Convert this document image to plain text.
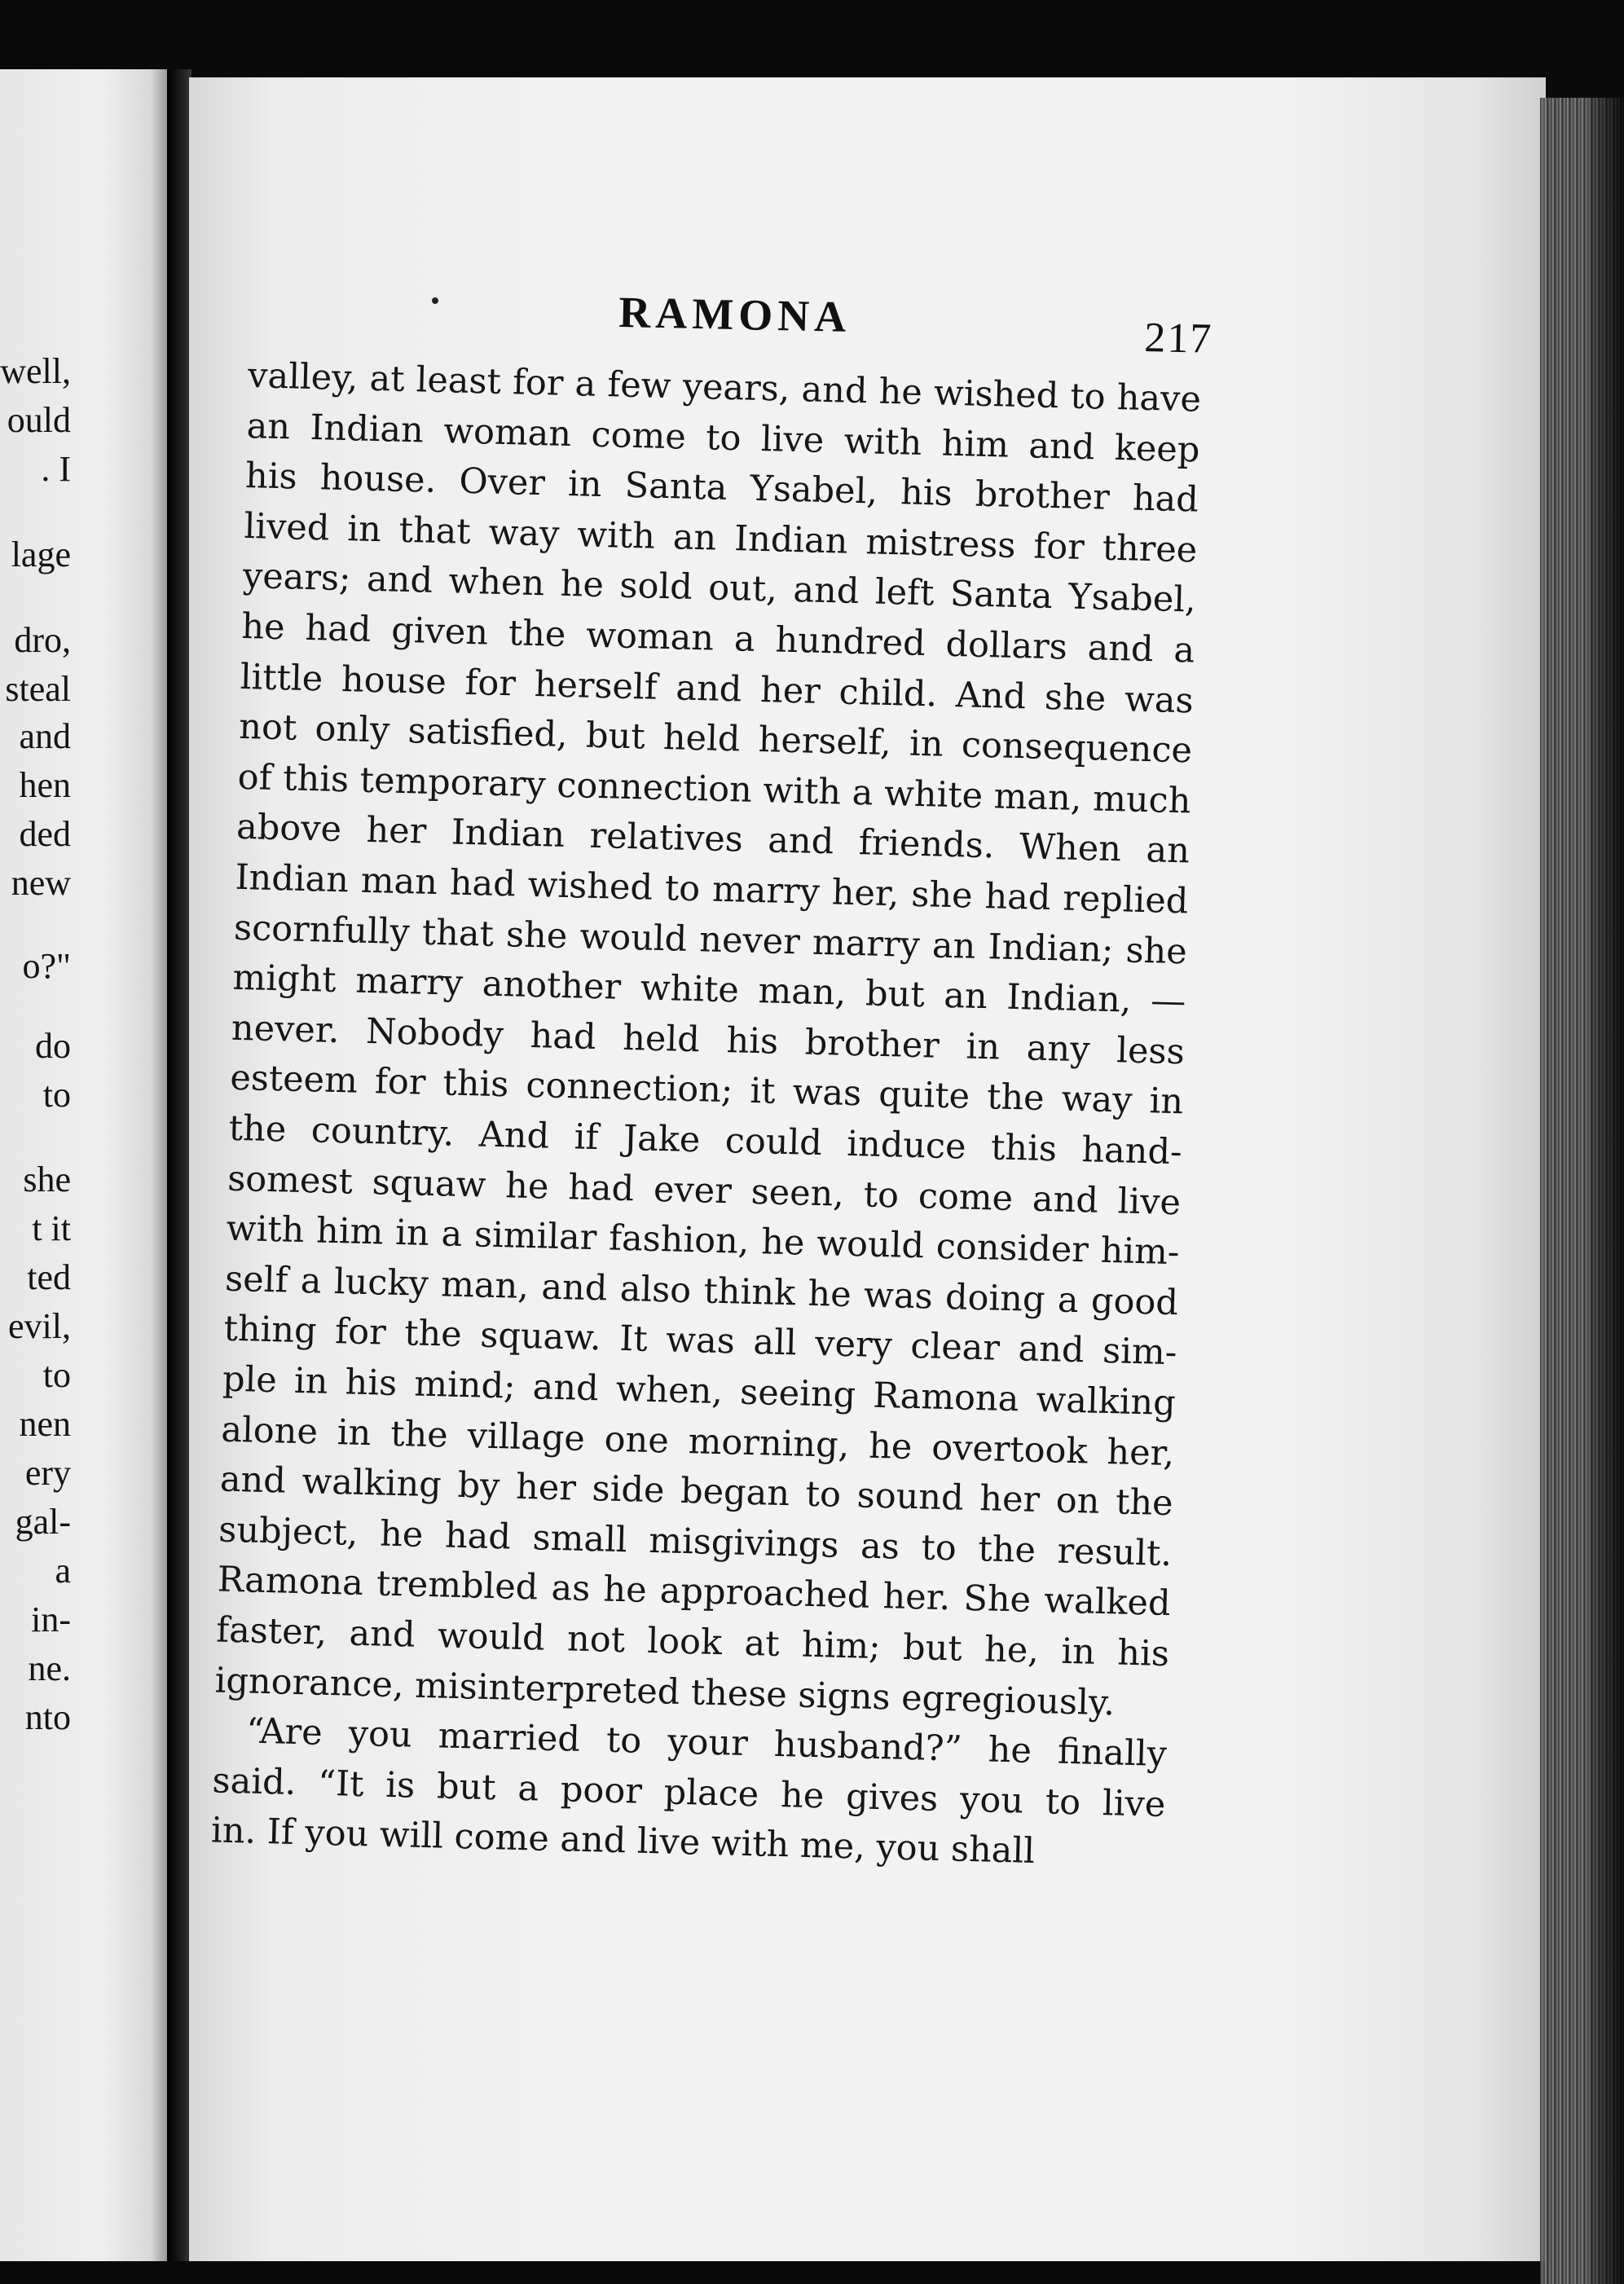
well,
ould
. I
lage
dro,
steal
and
hen
ded
new
o?"
do
to
she
t it
ted
evil,
to
nen
ery
gal-
a
in-
ne.
nto
RAMONA	217
valley, at least for a few years, and he wished to have
an Indian woman come to live with him and keep
his house. Over in Santa Ysabel, his brother had
lived in that way with an Indian mistress for three
years; and when he sold out, and left Santa Ysabel,
he had given the woman a hundred dollars and a
little house for herself and her child. And she was
not only satisfied, but held herself, in consequence
of this temporary connection with a white man, much
above her Indian relatives and friends. When an
Indian man had wished to marry her, she had replied
scornfully that she would never marry an Indian; she
might marry another white man, but an Indian, —
never. Nobody had held his brother in any less
esteem for this connection; it was quite the way in
the country. And if Jake could induce this hand-
somest squaw he had ever seen, to come and live
with him in a similar fashion, he would consider him-
self a lucky man, and also think he was doing a good
thing for the squaw. It was all very clear and sim-
ple in his mind; and when, seeing Ramona walking
alone in the village one morning, he overtook her,
and walking by her side began to sound her on the
subject, he had small misgivings as to the result.
Ramona trembled as he approached her. She walked
faster, and would not look at him; but he, in his
ignorance, misinterpreted these signs egregiously.
“Are you married to your husband?” he finally
said. “It is but a poor place he gives you to live
in. If you will come and live with me, you shall
